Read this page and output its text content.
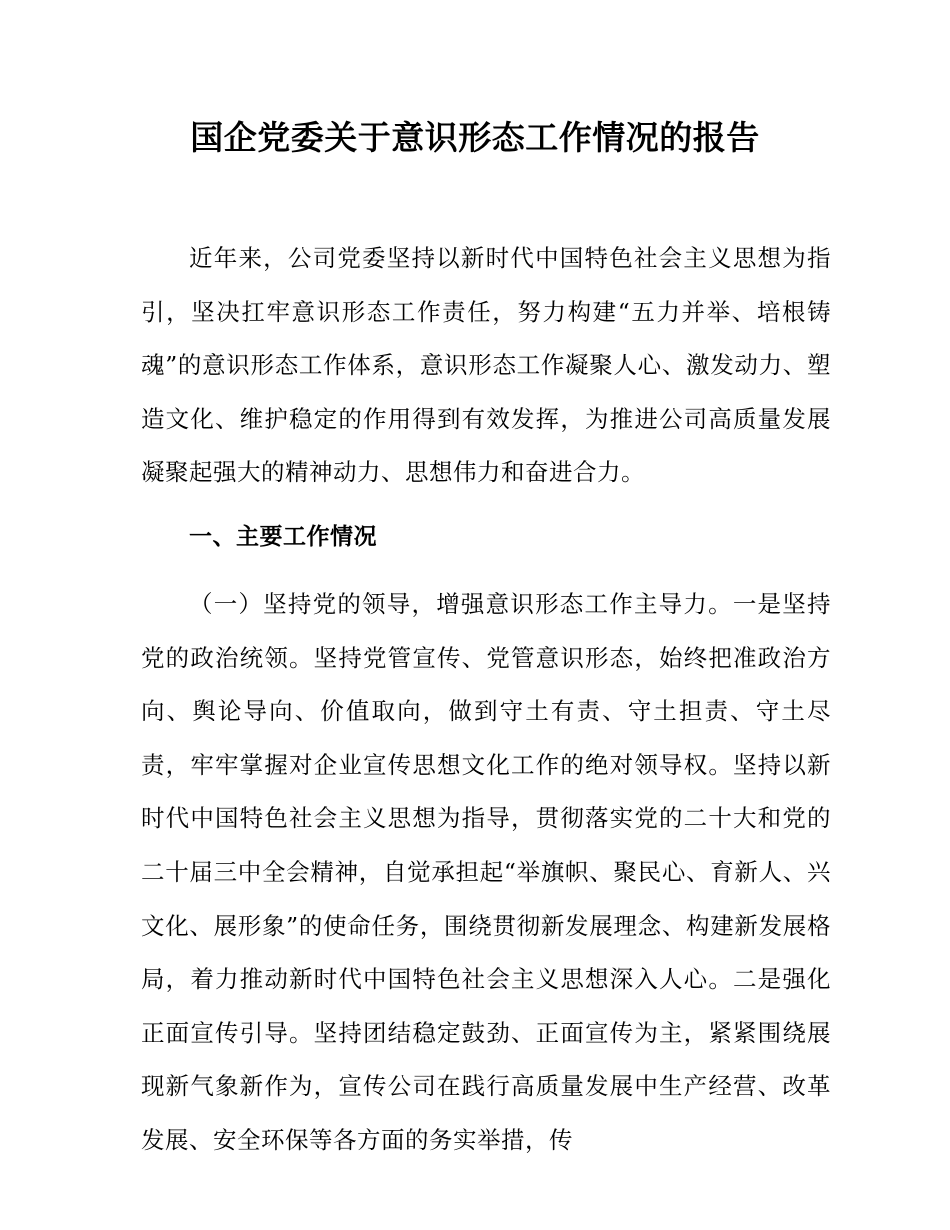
国企党委关于意识形态工作情况的报告

近年来，公司党委坚持以新时代中国特色社会主义思想为指引，坚决扛牢意识形态工作责任，努力构建“五力并举、培根铸魂”的意识形态工作体系，意识形态工作凝聚人心、激发动力、塑造文化、维护稳定的作用得到有效发挥，为推进公司高质量发展凝聚起强大的精神动力、思想伟力和奋进合力。

一、主要工作情况

（一）坚持党的领导，增强意识形态工作主导力。一是坚持党的政治统领。坚持党管宣传、党管意识形态，始终把准政治方向、舆论导向、价值取向，做到守土有责、守土担责、守土尽责，牢牢掌握对企业宣传思想文化工作的绝对领导权。坚持以新时代中国特色社会主义思想为指导，贯彻落实党的二十大和党的二十届三中全会精神，自觉承担起“举旗帜、聚民心、育新人、兴文化、展形象”的使命任务，围绕贯彻新发展理念、构建新发展格局，着力推动新时代中国特色社会主义思想深入人心。二是强化正面宣传引导。坚持团结稳定鼓劲、正面宣传为主，紧紧围绕展现新气象新作为，宣传公司在践行高质量发展中生产经营、改革发展、安全环保等各方面的务实举措，传
